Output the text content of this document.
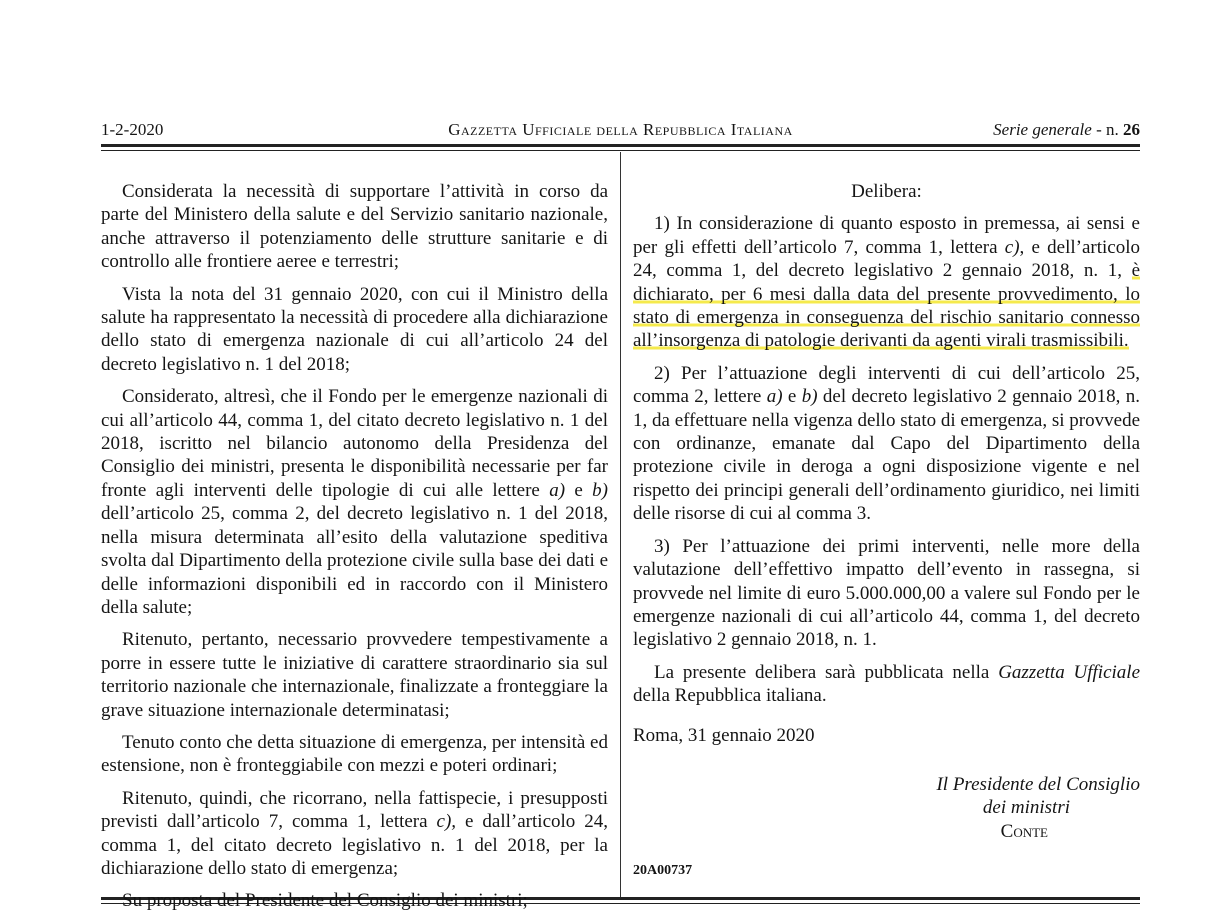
1-2-2020	Gazzetta Ufficiale della Repubblica Italiana	Serie generale - n. 26

Considerata la necessità di supportare l’attività in corso da parte del Ministero della salute e del Servizio sanitario nazionale, anche attraverso il potenziamento delle strutture sanitarie e di controllo alle frontiere aeree e terrestri;

Vista la nota del 31 gennaio 2020, con cui il Ministro della salute ha rappresentato la necessità di procedere alla dichiarazione dello stato di emergenza nazionale di cui all’articolo 24 del decreto legislativo n. 1 del 2018;

Considerato, altresì, che il Fondo per le emergenze nazionali di cui all’articolo 44, comma 1, del citato decreto legislativo n. 1 del 2018, iscritto nel bilancio autonomo della Presidenza del Consiglio dei ministri, presenta le disponibilità necessarie per far fronte agli interventi delle tipologie di cui alle lettere a) e b) dell’articolo 25, comma 2, del decreto legislativo n. 1 del 2018, nella misura determinata all’esito della valutazione speditiva svolta dal Dipartimento della protezione civile sulla base dei dati e delle informazioni disponibili ed in raccordo con il Ministero della salute;

Ritenuto, pertanto, necessario provvedere tempestivamente a porre in essere tutte le iniziative di carattere straordinario sia sul territorio nazionale che internazionale, finalizzate a fronteggiare la grave situazione internazionale determinatasi;

Tenuto conto che detta situazione di emergenza, per intensità ed estensione, non è fronteggiabile con mezzi e poteri ordinari;

Ritenuto, quindi, che ricorrano, nella fattispecie, i presupposti previsti dall’articolo 7, comma 1, lettera c), e dall’articolo 24, comma 1, del citato decreto legislativo n. 1 del 2018, per la dichiarazione dello stato di emergenza;

Su proposta del Presidente del Consiglio dei ministri;

Delibera:

1) In considerazione di quanto esposto in premessa, ai sensi e per gli effetti dell’articolo 7, comma 1, lettera c), e dell’articolo 24, comma 1, del decreto legislativo 2 gennaio 2018, n. 1, è dichiarato, per 6 mesi dalla data del presente provvedimento, lo stato di emergenza in conseguenza del rischio sanitario connesso all’insorgenza di patologie derivanti da agenti virali trasmissibili.

2) Per l’attuazione degli interventi di cui dell’articolo 25, comma 2, lettere a) e b) del decreto legislativo 2 gennaio 2018, n. 1, da effettuare nella vigenza dello stato di emergenza, si provvede con ordinanze, emanate dal Capo del Dipartimento della protezione civile in deroga a ogni disposizione vigente e nel rispetto dei principi generali dell’ordinamento giuridico, nei limiti delle risorse di cui al comma 3.

3) Per l’attuazione dei primi interventi, nelle more della valutazione dell’effettivo impatto dell’evento in rassegna, si provvede nel limite di euro 5.000.000,00 a valere sul Fondo per le emergenze nazionali di cui all’articolo 44, comma 1, del decreto legislativo 2 gennaio 2018, n. 1.

La presente delibera sarà pubblicata nella Gazzetta Ufficiale della Repubblica italiana.

Roma, 31 gennaio 2020

Il Presidente del Consiglio

dei ministri

Conte

20A00737
